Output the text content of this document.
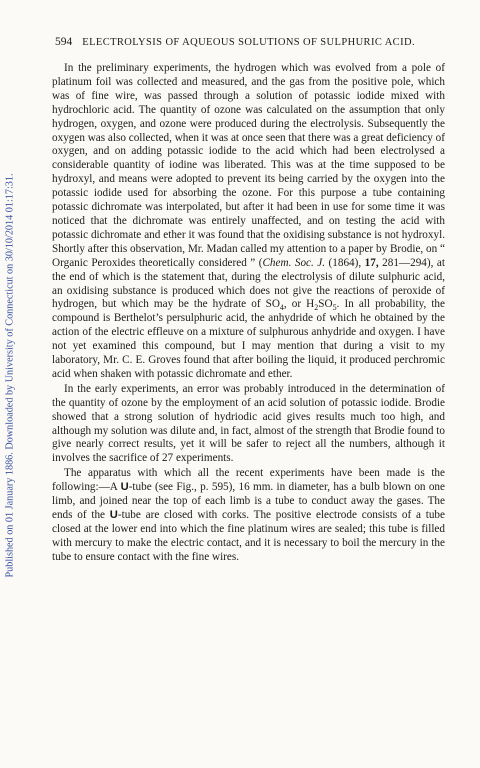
Published on 01 January 1886. Downloaded by University of Connecticut on 30/10/2014 01:17:31.
594 ELECTROLYSIS OF AQUEOUS SOLUTIONS OF SULPHURIC ACID.

In the preliminary experiments, the hydrogen which was evolved from a pole of platinum foil was collected and measured, and the gas from the positive pole, which was of fine wire, was passed through a solution of potassic iodide mixed with hydrochloric acid. The quantity of ozone was calculated on the assumption that only hydrogen, oxygen, and ozone were produced during the electrolysis. Subsequently the oxygen was also collected, when it was at once seen that there was a great deficiency of oxygen, and on adding potassic iodide to the acid which had been electrolysed a considerable quantity of iodine was liberated. This was at the time supposed to be hydroxyl, and means were adopted to prevent its being carried by the oxygen into the potassic iodide used for absorbing the ozone. For this purpose a tube containing potassic dichromate was interpolated, but after it had been in use for some time it was noticed that the dichromate was entirely unaffected, and on testing the acid with potassic dichromate and ether it was found that the oxidising substance is not hydroxyl. Shortly after this observation, Mr. Madan called my attention to a paper by Brodie, on “ Organic Peroxides theoretically considered ” (Chem. Soc. J. (1864), 17, 281—294), at the end of which is the statement that, during the electrolysis of dilute sulphuric acid, an oxidising substance is produced which does not give the reactions of peroxide of hydrogen, but which may be the hydrate of $SO_4$, or $H_2SO_5$. In all probability, the compound is Berthelot’s persulphuric acid, the anhydride of which he obtained by the action of the electric effleuve on a mixture of sulphurous anhydride and oxygen. I have not yet examined this compound, but I may mention that during a visit to my laboratory, Mr. C. E. Groves found that after boiling the liquid, it produced perchromic acid when shaken with potassic dichromate and ether.

In the early experiments, an error was probably introduced in the determination of the quantity of ozone by the employment of an acid solution of potassic iodide. Brodie showed that a strong solution of hydriodic acid gives results much too high, and although my solution was dilute and, in fact, almost of the strength that Brodie found to give nearly correct results, yet it will be safer to reject all the numbers, although it involves the sacrifice of 27 experiments.

The apparatus with which all the recent experiments have been made is the following:—A U-tube (see Fig., p. 595), 16 mm. in diameter, has a bulb blown on one limb, and joined near the top of each limb is a tube to conduct away the gases. The ends of the U-tube are closed with corks. The positive electrode consists of a tube closed at the lower end into which the fine platinum wires are sealed; this tube is filled with mercury to make the electric contact, and it is necessary to boil the mercury in the tube to ensure contact with the fine wires.
